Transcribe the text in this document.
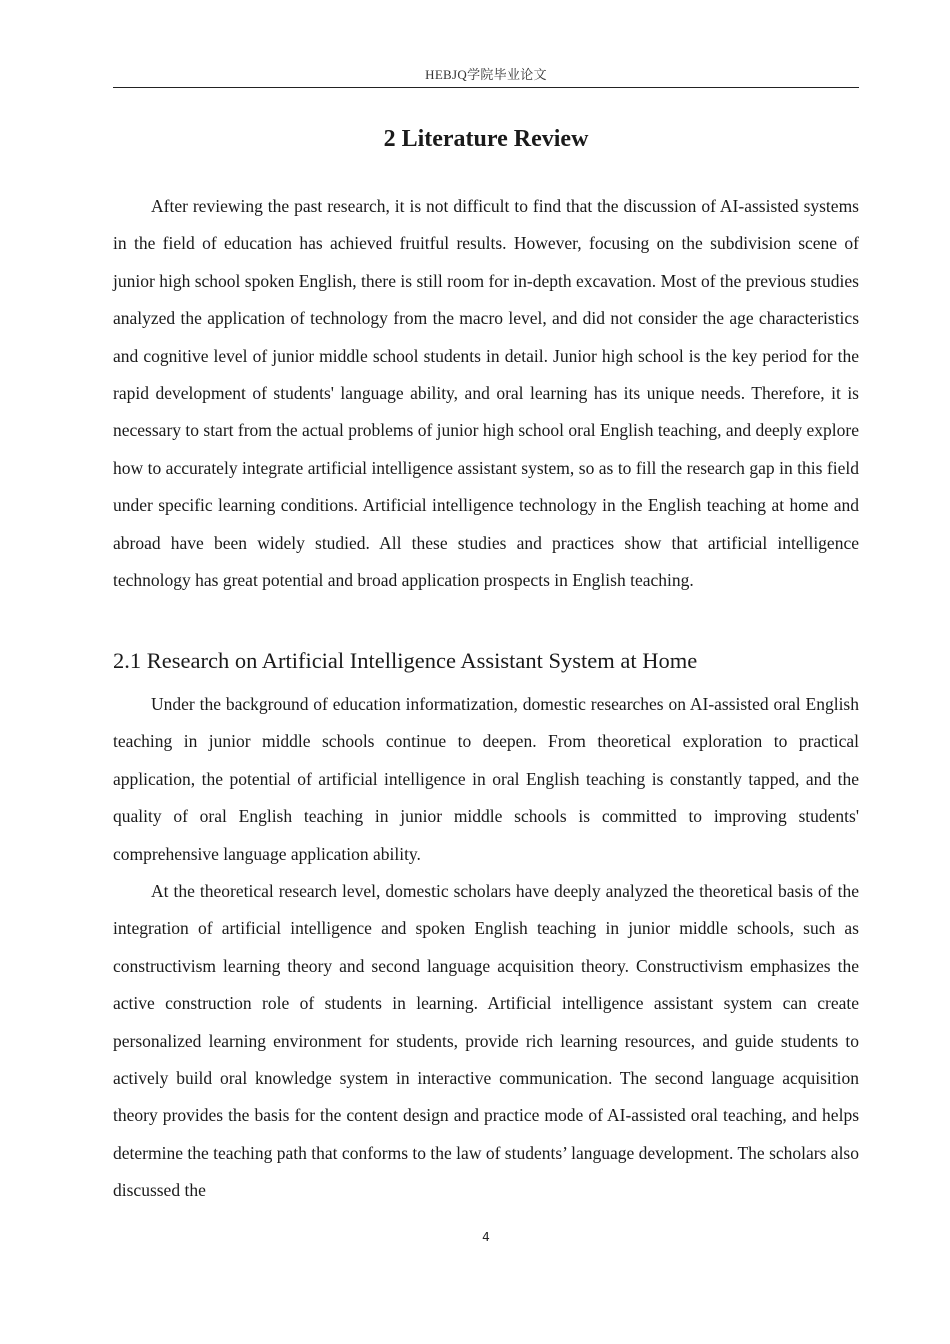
HEBJQ学院毕业论文
2 Literature Review

After reviewing the past research, it is not difficult to find that the discussion of AI-assisted systems in the field of education has achieved fruitful results. However, focusing on the subdivision scene of junior high school spoken English, there is still room for in-depth excavation. Most of the previous studies analyzed the application of technology from the macro level, and did not consider the age characteristics and cognitive level of junior middle school students in detail. Junior high school is the key period for the rapid development of students' language ability, and oral learning has its unique needs. Therefore, it is necessary to start from the actual problems of junior high school oral English teaching, and deeply explore how to accurately integrate artificial intelligence assistant system, so as to fill the research gap in this field under specific learning conditions. Artificial intelligence technology in the English teaching at home and abroad have been widely studied. All these studies and practices show that artificial intelligence technology has great potential and broad application prospects in English teaching.

2.1 Research on Artificial Intelligence Assistant System at Home

Under the background of education informatization, domestic researches on AI-assisted oral English teaching in junior middle schools continue to deepen. From theoretical exploration to practical application, the potential of artificial intelligence in oral English teaching is constantly tapped, and the quality of oral English teaching in junior middle schools is committed to improving students' comprehensive language application ability.

At the theoretical research level, domestic scholars have deeply analyzed the theoretical basis of the integration of artificial intelligence and spoken English teaching in junior middle schools, such as constructivism learning theory and second language acquisition theory. Constructivism emphasizes the active construction role of students in learning. Artificial intelligence assistant system can create personalized learning environment for students, provide rich learning resources, and guide students to actively build oral knowledge system in interactive communication. The second language acquisition theory provides the basis for the content design and practice mode of AI-assisted oral teaching, and helps determine the teaching path that conforms to the law of students’ language development. The scholars also discussed the

4
